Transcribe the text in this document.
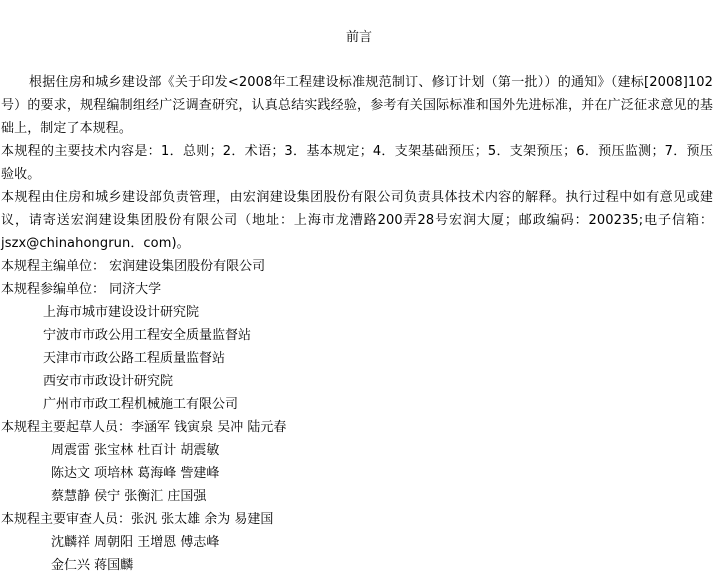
前言

根据住房和城乡建设部《关于印发<2008年工程建设标准规范制订、修订计划（第一批））的通知》（建标[2008]102号）的要求，规程编制组经广泛调查研究，认真总结实践经验，参考有关国际标准和国外先进标准，并在广泛征求意见的基础上，制定了本规程。

本规程的主要技术内容是：1．总则；2．术语；3．基本规定；4．支架基础预压；5．支架预压；6．预压监测；7．预压验收。

本规程由住房和城乡建设部负责管理，由宏润建设集团股份有限公司负责具体技术内容的解释。执行过程中如有意见或建议，请寄送宏润建设集团股份有限公司（地址：上海市龙漕路200弄28号宏润大厦；邮政编码：200235;电子信箱：jszx@chinahongrun．com)。

本规程主编单位： 宏润建设集团股份有限公司

本规程参编单位： 同济大学

上海市城市建设设计研究院

宁波市市政公用工程安全质量监督站

天津市市政公路工程质量监督站

西安市市政设计研究院

广州市市政工程机械施工有限公司

本规程主要起草人员：李涵军 钱寅泉 吴冲 陆元春

周震雷 张宝林 杜百计 胡震敏

陈达文 项培林 葛海峰 訾建峰

蔡慧静 侯宁 张衡汇 庄国强

本规程主要审查人员：张汎 张太雄 余为 易建国

沈麟祥 周朝阳 王增恩 傅志峰

金仁兴 蒋国麟
